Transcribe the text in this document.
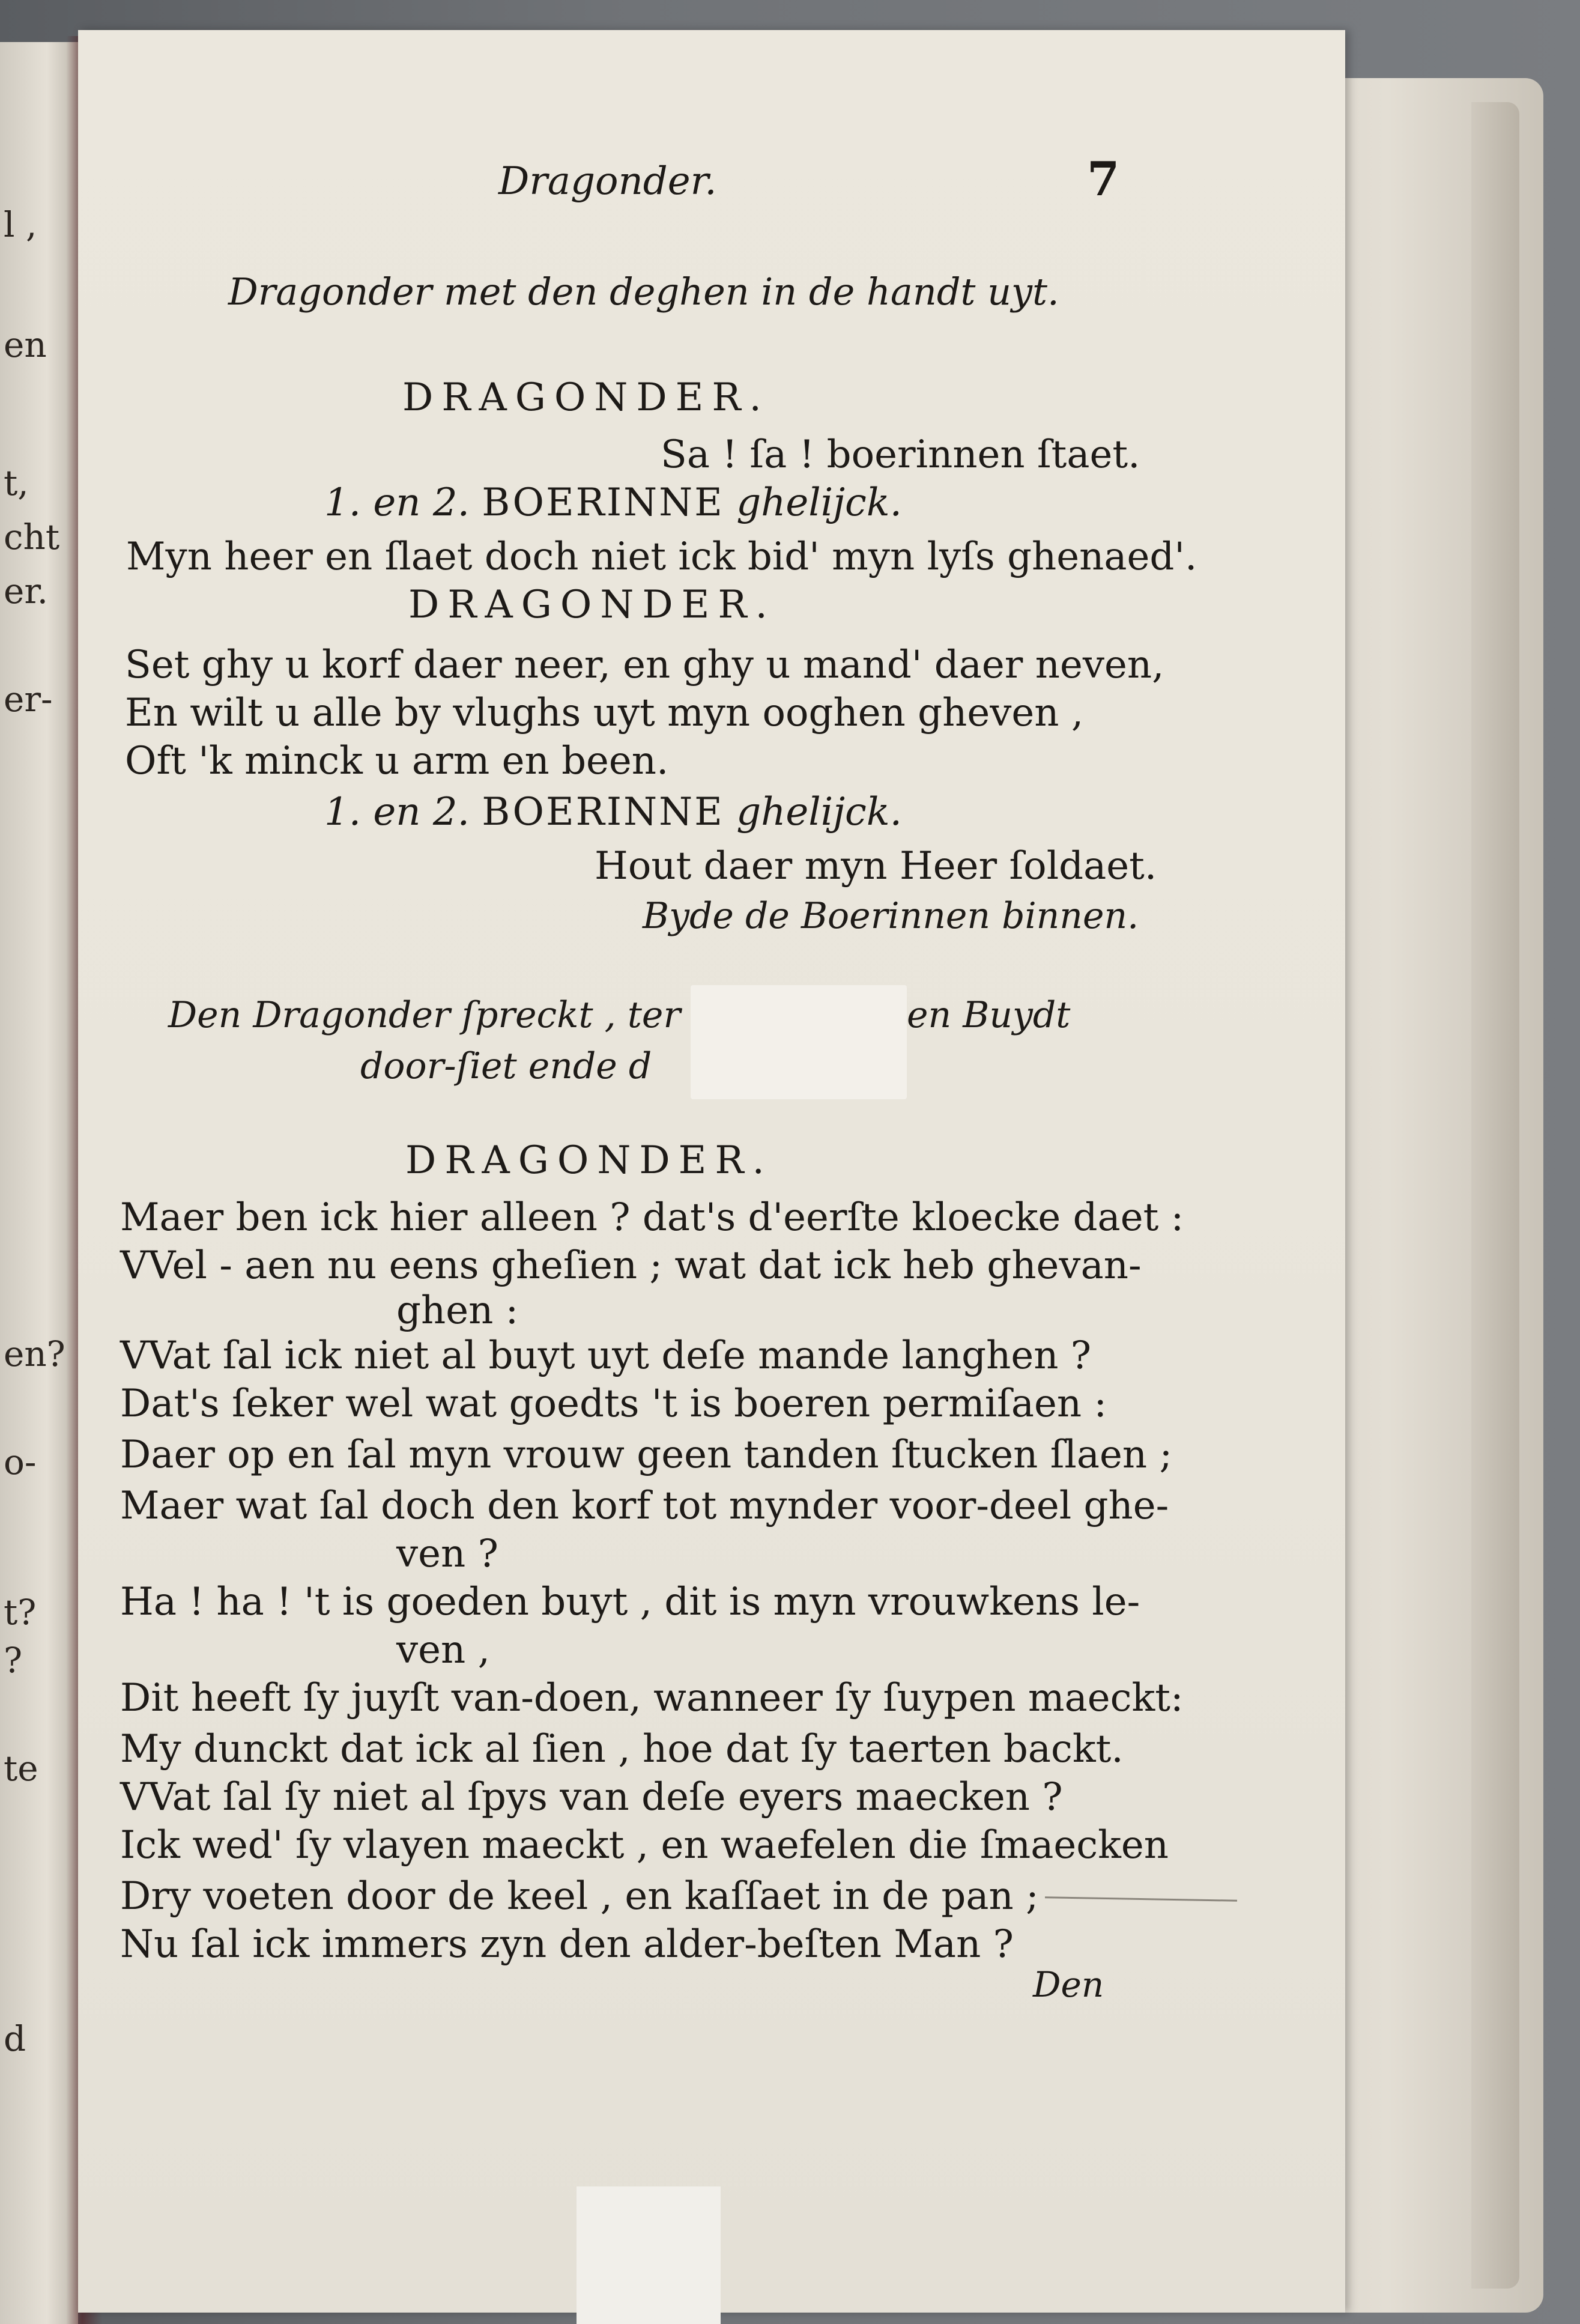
l ,

en

t,

cht

er.

er-

en?

o-

t?

?

te

d

Dragonder.	7

Dragonder met den deghen in de handt uyt.

DRAGONDER.

Sa ! ſa ! boerinnen ſtaet.

1. en 2. BOERINNE ghelijck.

Myn heer en ſlaet doch niet ick bid' myn lyſs ghenaed'.

DRAGONDER.

Set ghy u korf daer neer, en ghy u mand' daer neven,

En wilt u alle by vlughs uyt myn ooghen gheven ,

Oft 'k minck u arm en been.

1. en 2. BOERINNE ghelijck.

Hout daer myn Heer ſoldaet.

Byde de Boerinnen binnen.

Den Dragonder ſpreckt , ter	en Buydt

door-ſiet ende d

DRAGONDER.

Maer ben ick hier alleen ? dat's d'eerſte kloecke daet :

VVel - aen nu eens gheſien ; wat dat ick heb ghevan-

ghen :

VVat ſal ick niet al buyt uyt deſe mande langhen ?

Dat's ſeker wel wat goedts 't is boeren permiſaen :

Daer op en ſal myn vrouw geen tanden ſtucken ſlaen ;

Maer wat ſal doch den korf tot mynder voor-deel ghe-

ven ?

Ha ! ha ! 't is goeden buyt , dit is myn vrouwkens le-

ven ,

Dit heeft ſy juyſt van-doen, wanneer ſy ſuypen maeckt:

My dunckt dat ick al ſien , hoe dat ſy taerten backt.

VVat ſal ſy niet al ſpys van deſe eyers maecken ?

Ick wed' ſy vlayen maeckt , en waefelen die ſmaecken

Dry voeten door de keel , en kaſſaet in de pan ;

Nu ſal ick immers zyn den alder-beſten Man ?

Den
